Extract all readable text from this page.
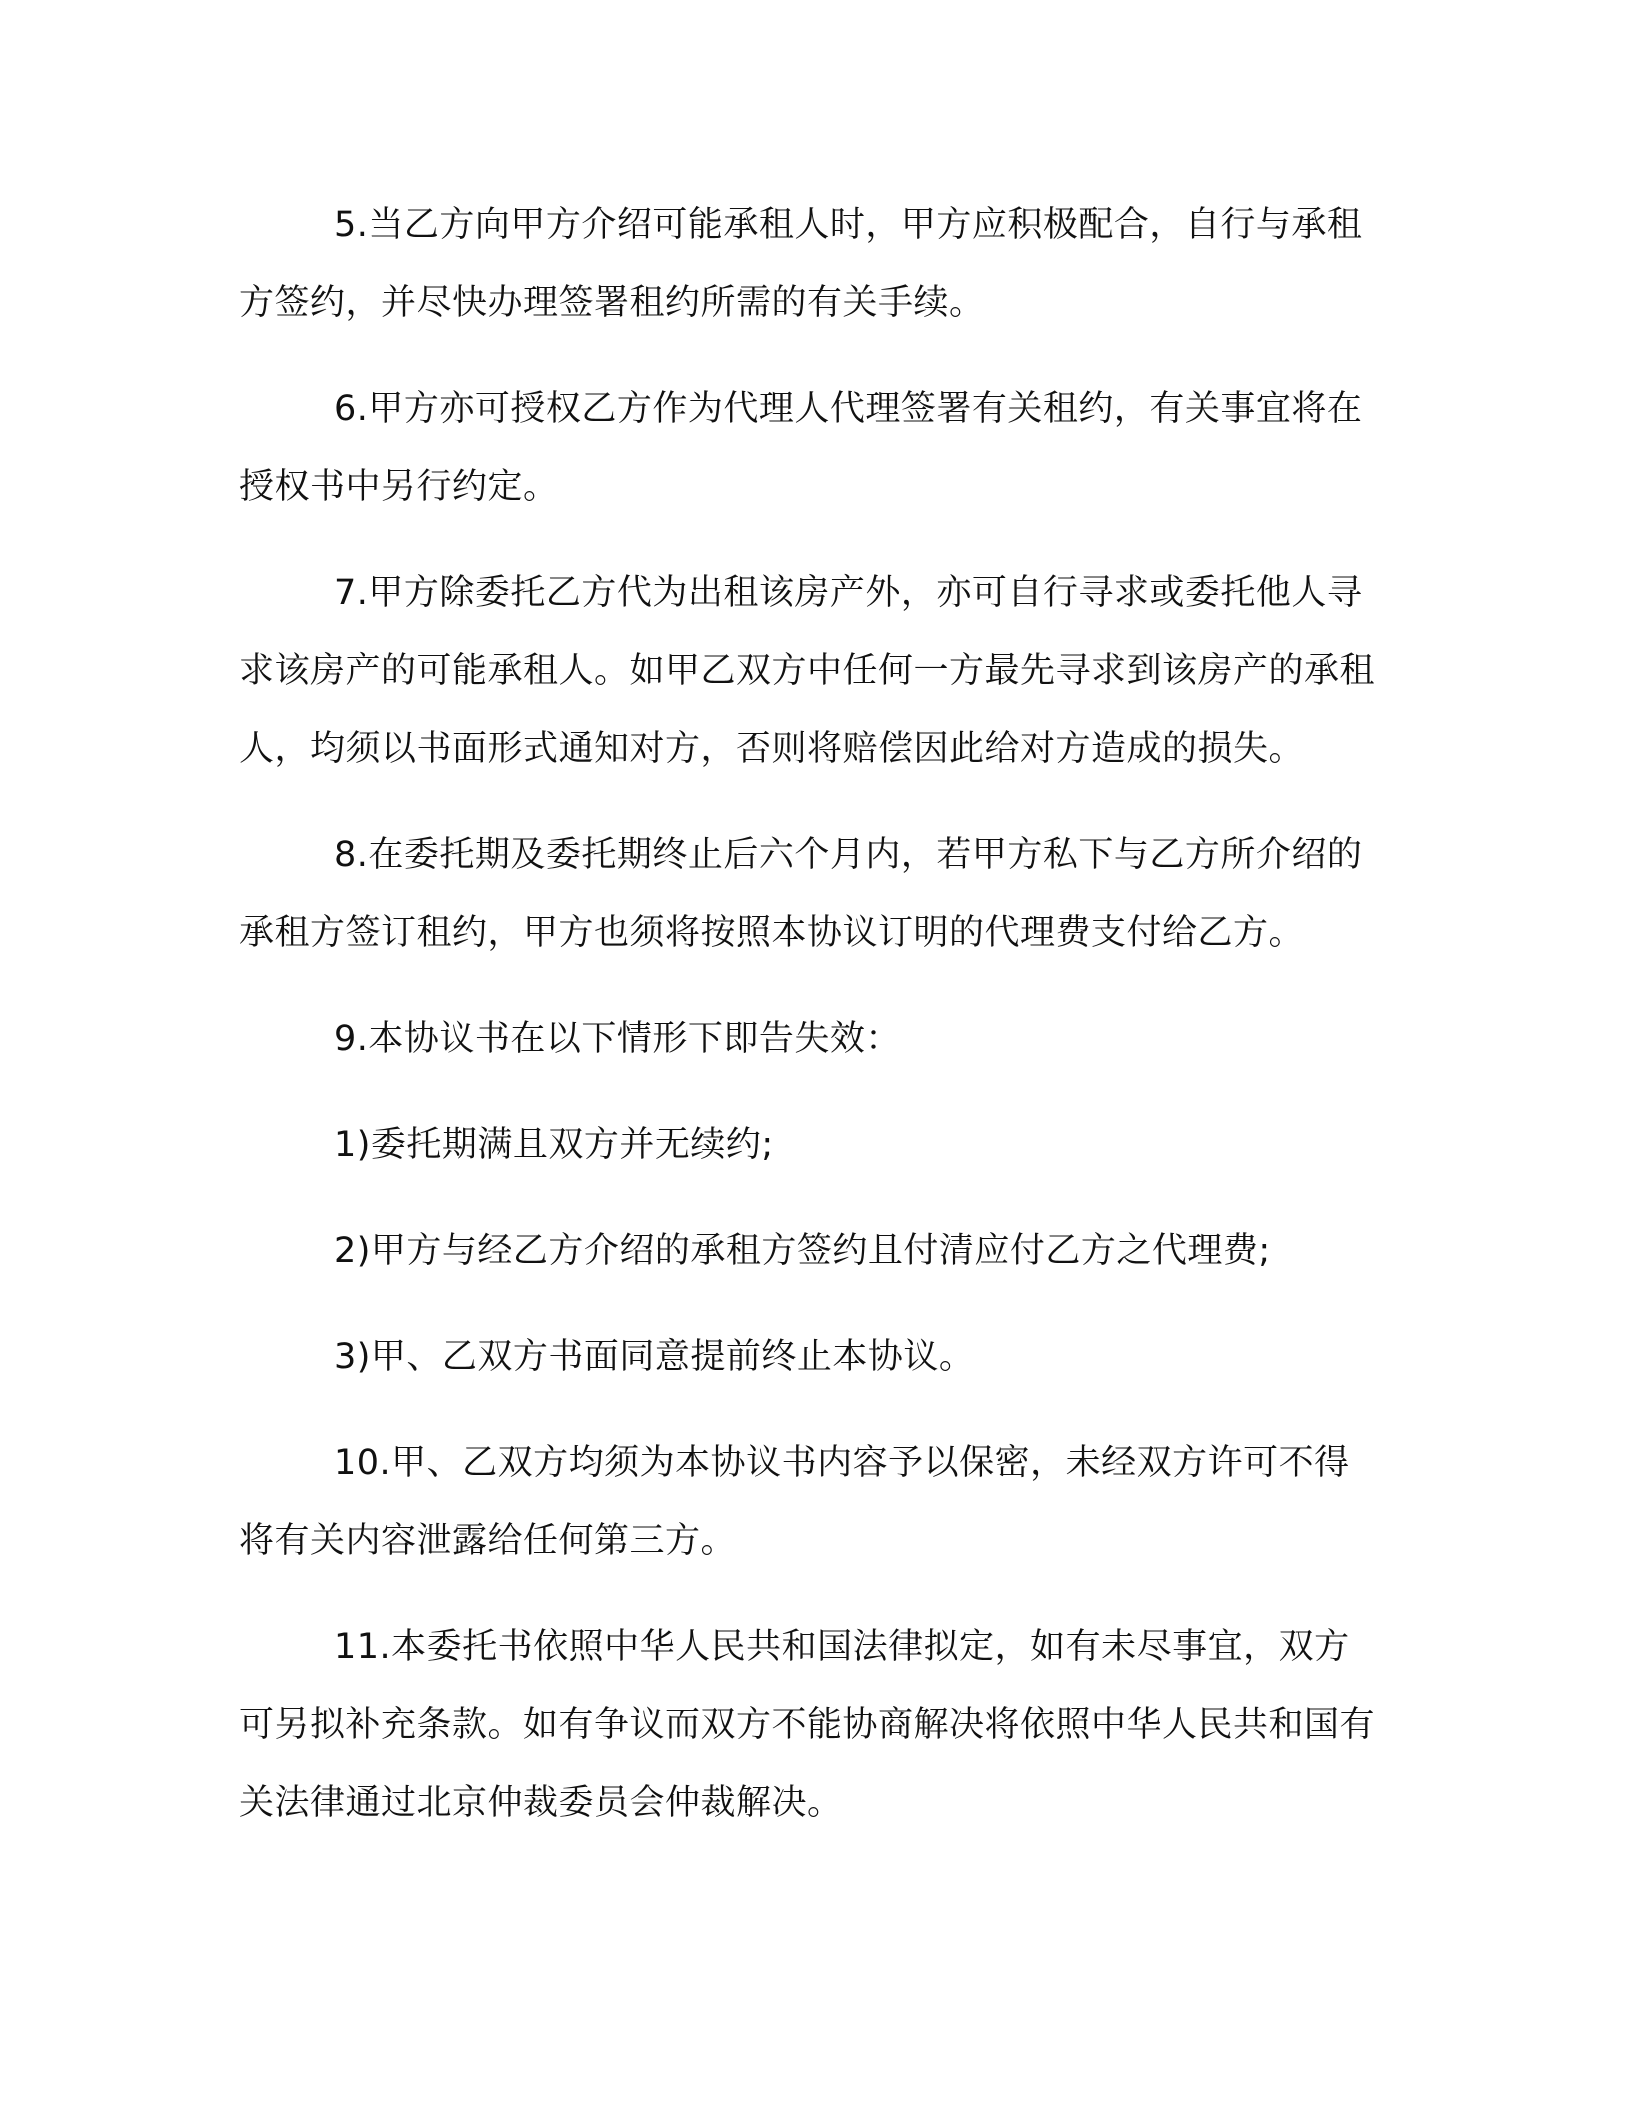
5.当乙方向甲方介绍可能承租人时，甲方应积极配合，自行与承租方签约，并尽快办理签署租约所需的有关手续。

6.甲方亦可授权乙方作为代理人代理签署有关租约，有关事宜将在授权书中另行约定。

7.甲方除委托乙方代为出租该房产外，亦可自行寻求或委托他人寻求该房产的可能承租人。如甲乙双方中任何一方最先寻求到该房产的承租人，均须以书面形式通知对方，否则将赔偿因此给对方造成的损失。

8.在委托期及委托期终止后六个月内，若甲方私下与乙方所介绍的承租方签订租约，甲方也须将按照本协议订明的代理费支付给乙方。

9.本协议书在以下情形下即告失效：

1)委托期满且双方并无续约;

2)甲方与经乙方介绍的承租方签约且付清应付乙方之代理费;

3)甲、乙双方书面同意提前终止本协议。

10.甲、乙双方均须为本协议书内容予以保密，未经双方许可不得将有关内容泄露给任何第三方。

11.本委托书依照中华人民共和国法律拟定，如有未尽事宜，双方可另拟补充条款。如有争议而双方不能协商解决将依照中华人民共和国有关法律通过北京仲裁委员会仲裁解决。
